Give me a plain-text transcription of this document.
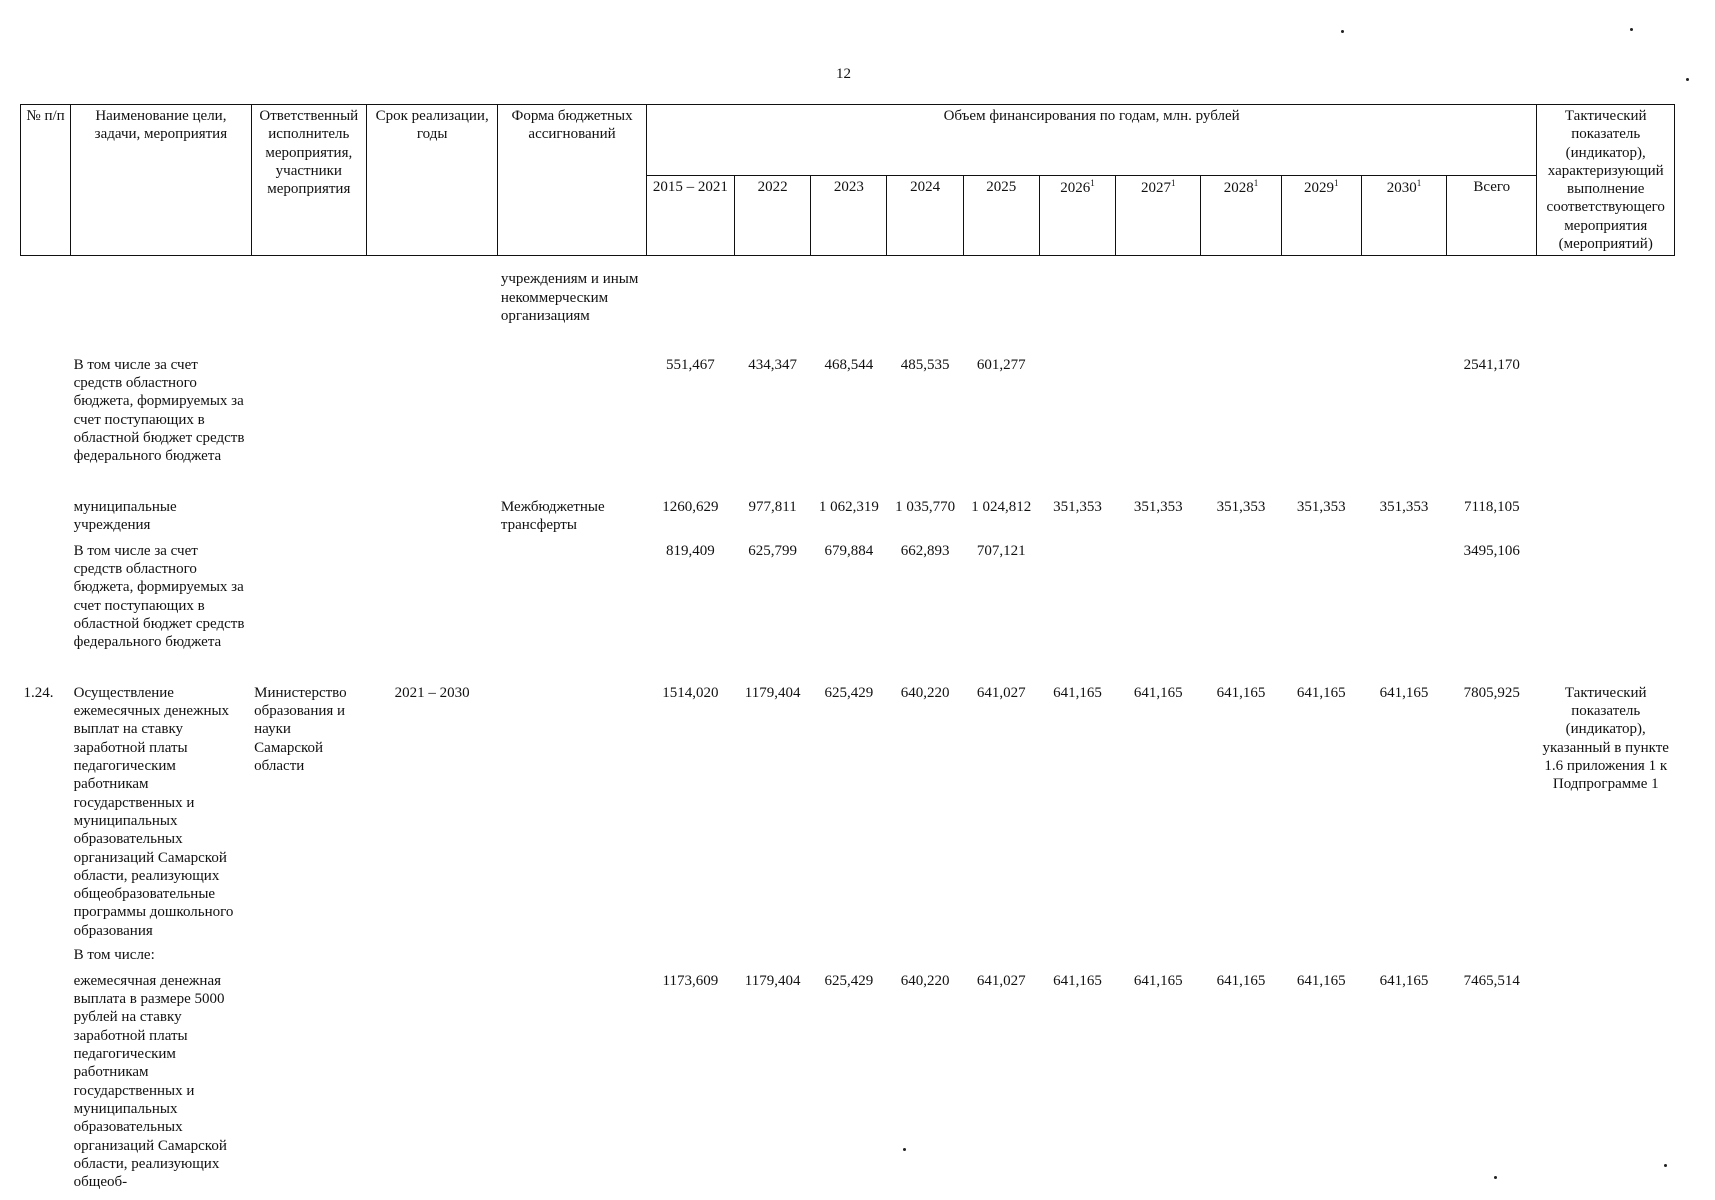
12
№ п/п	Наименование цели, задачи, мероприятия	Ответственный исполнитель мероприятия, участники мероприятия	Срок реализации, годы	Форма бюджетных ассигнований	Объем финансирования по годам, млн. рублей											Тактический показатель (индикатор), характеризующий выполнение соответствующего мероприятия (мероприятий)
					2015 – 2021	2022	2023	2024	2025	2026$^1$	2027$^1$	2028$^1$	2029$^1$	2030$^1$	Всего	
				учреждениям и иным некоммерческим организациям												
	В том числе за счет средств областного бюджета, формируемых за счет поступающих в областной бюджет средств федерального бюджета				551,467	434,347	468,544	485,535	601,277						2541,170	
	муниципальные учреждения			Межбюджетные трансферты	1260,629	977,811	1 062,319	1 035,770	1 024,812	351,353	351,353	351,353	351,353	351,353	7118,105	
	В том числе за счет средств областного бюджета, формируемых за счет поступающих в областной бюджет средств федерального бюджета				819,409	625,799	679,884	662,893	707,121						3495,106	
1.24.	Осуществление ежемесячных денежных выплат на ставку заработной платы педагогическим работникам государственных и муниципальных образовательных организаций Самарской области, реализующих общеобразовательные программы дошкольного образования	Министерство образования и науки Самарской области	2021 – 2030		1514,020	1179,404	625,429	640,220	641,027	641,165	641,165	641,165	641,165	641,165	7805,925	Тактический показатель (индикатор), указанный в пункте 1.6 приложения 1 к Подпрограмме 1
	В том числе:															
	ежемесячная денежная выплата в размере 5000 рублей на ставку заработной платы педагогическим работникам государственных и муниципальных образовательных организаций Самарской области, реализующих общеоб-				1173,609	1179,404	625,429	640,220	641,027	641,165	641,165	641,165	641,165	641,165	7465,514	
